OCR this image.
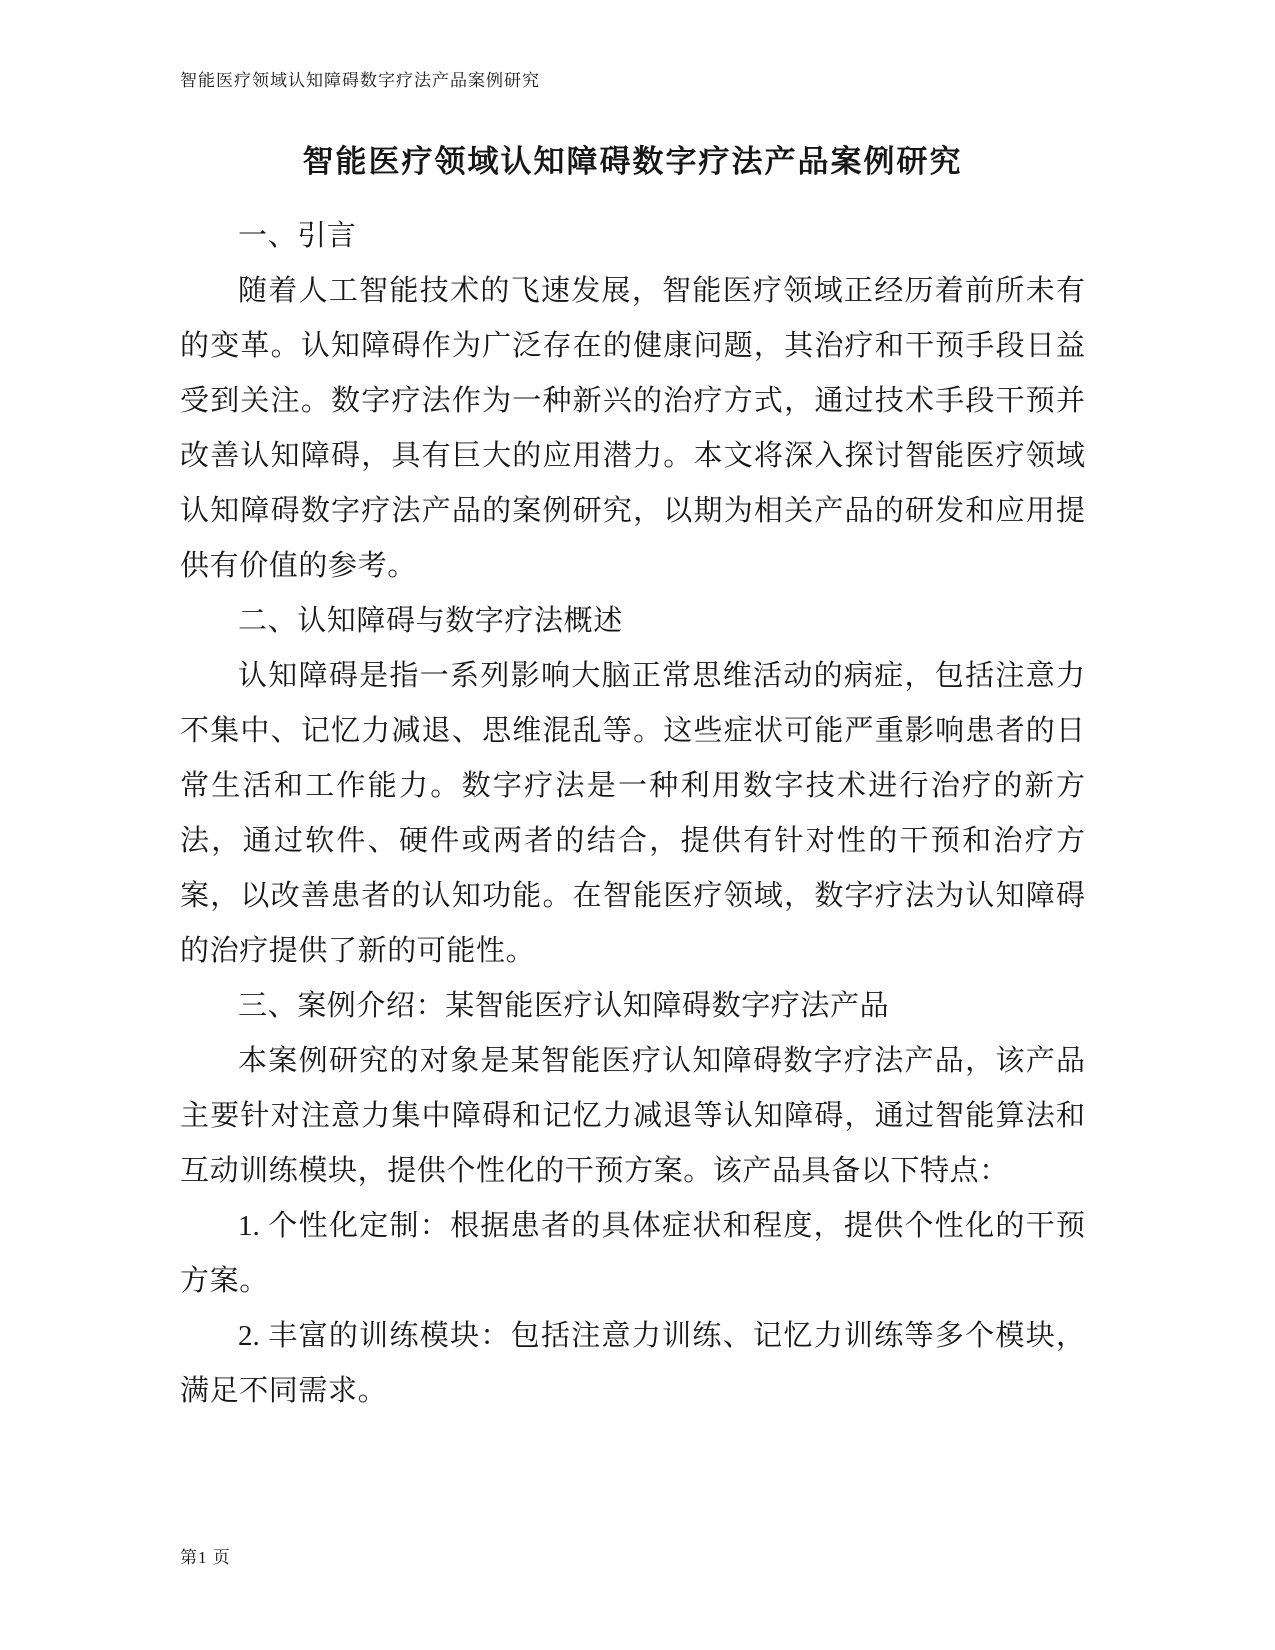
智能医疗领域认知障碍数字疗法产品案例研究
智能医疗领域认知障碍数字疗法产品案例研究
一、引言
随着人工智能技术的飞速发展，智能医疗领域正经历着前所未有
的变革。认知障碍作为广泛存在的健康问题，其治疗和干预手段日益
受到关注。数字疗法作为一种新兴的治疗方式，通过技术手段干预并
改善认知障碍，具有巨大的应用潜力。本文将深入探讨智能医疗领域
认知障碍数字疗法产品的案例研究，以期为相关产品的研发和应用提
供有价值的参考。
二、认知障碍与数字疗法概述
认知障碍是指一系列影响大脑正常思维活动的病症，包括注意力
不集中、记忆力减退、思维混乱等。这些症状可能严重影响患者的日
常生活和工作能力。数字疗法是一种利用数字技术进行治疗的新方
法，通过软件、硬件或两者的结合，提供有针对性的干预和治疗方
案，以改善患者的认知功能。在智能医疗领域，数字疗法为认知障碍
的治疗提供了新的可能性。
三、案例介绍：某智能医疗认知障碍数字疗法产品
本案例研究的对象是某智能医疗认知障碍数字疗法产品，该产品
主要针对注意力集中障碍和记忆力减退等认知障碍，通过智能算法和
互动训练模块，提供个性化的干预方案。该产品具备以下特点：
1. 个性化定制：根据患者的具体症状和程度，提供个性化的干预
方案。
2. 丰富的训练模块：包括注意力训练、记忆力训练等多个模块，
满足不同需求。
第1 页
